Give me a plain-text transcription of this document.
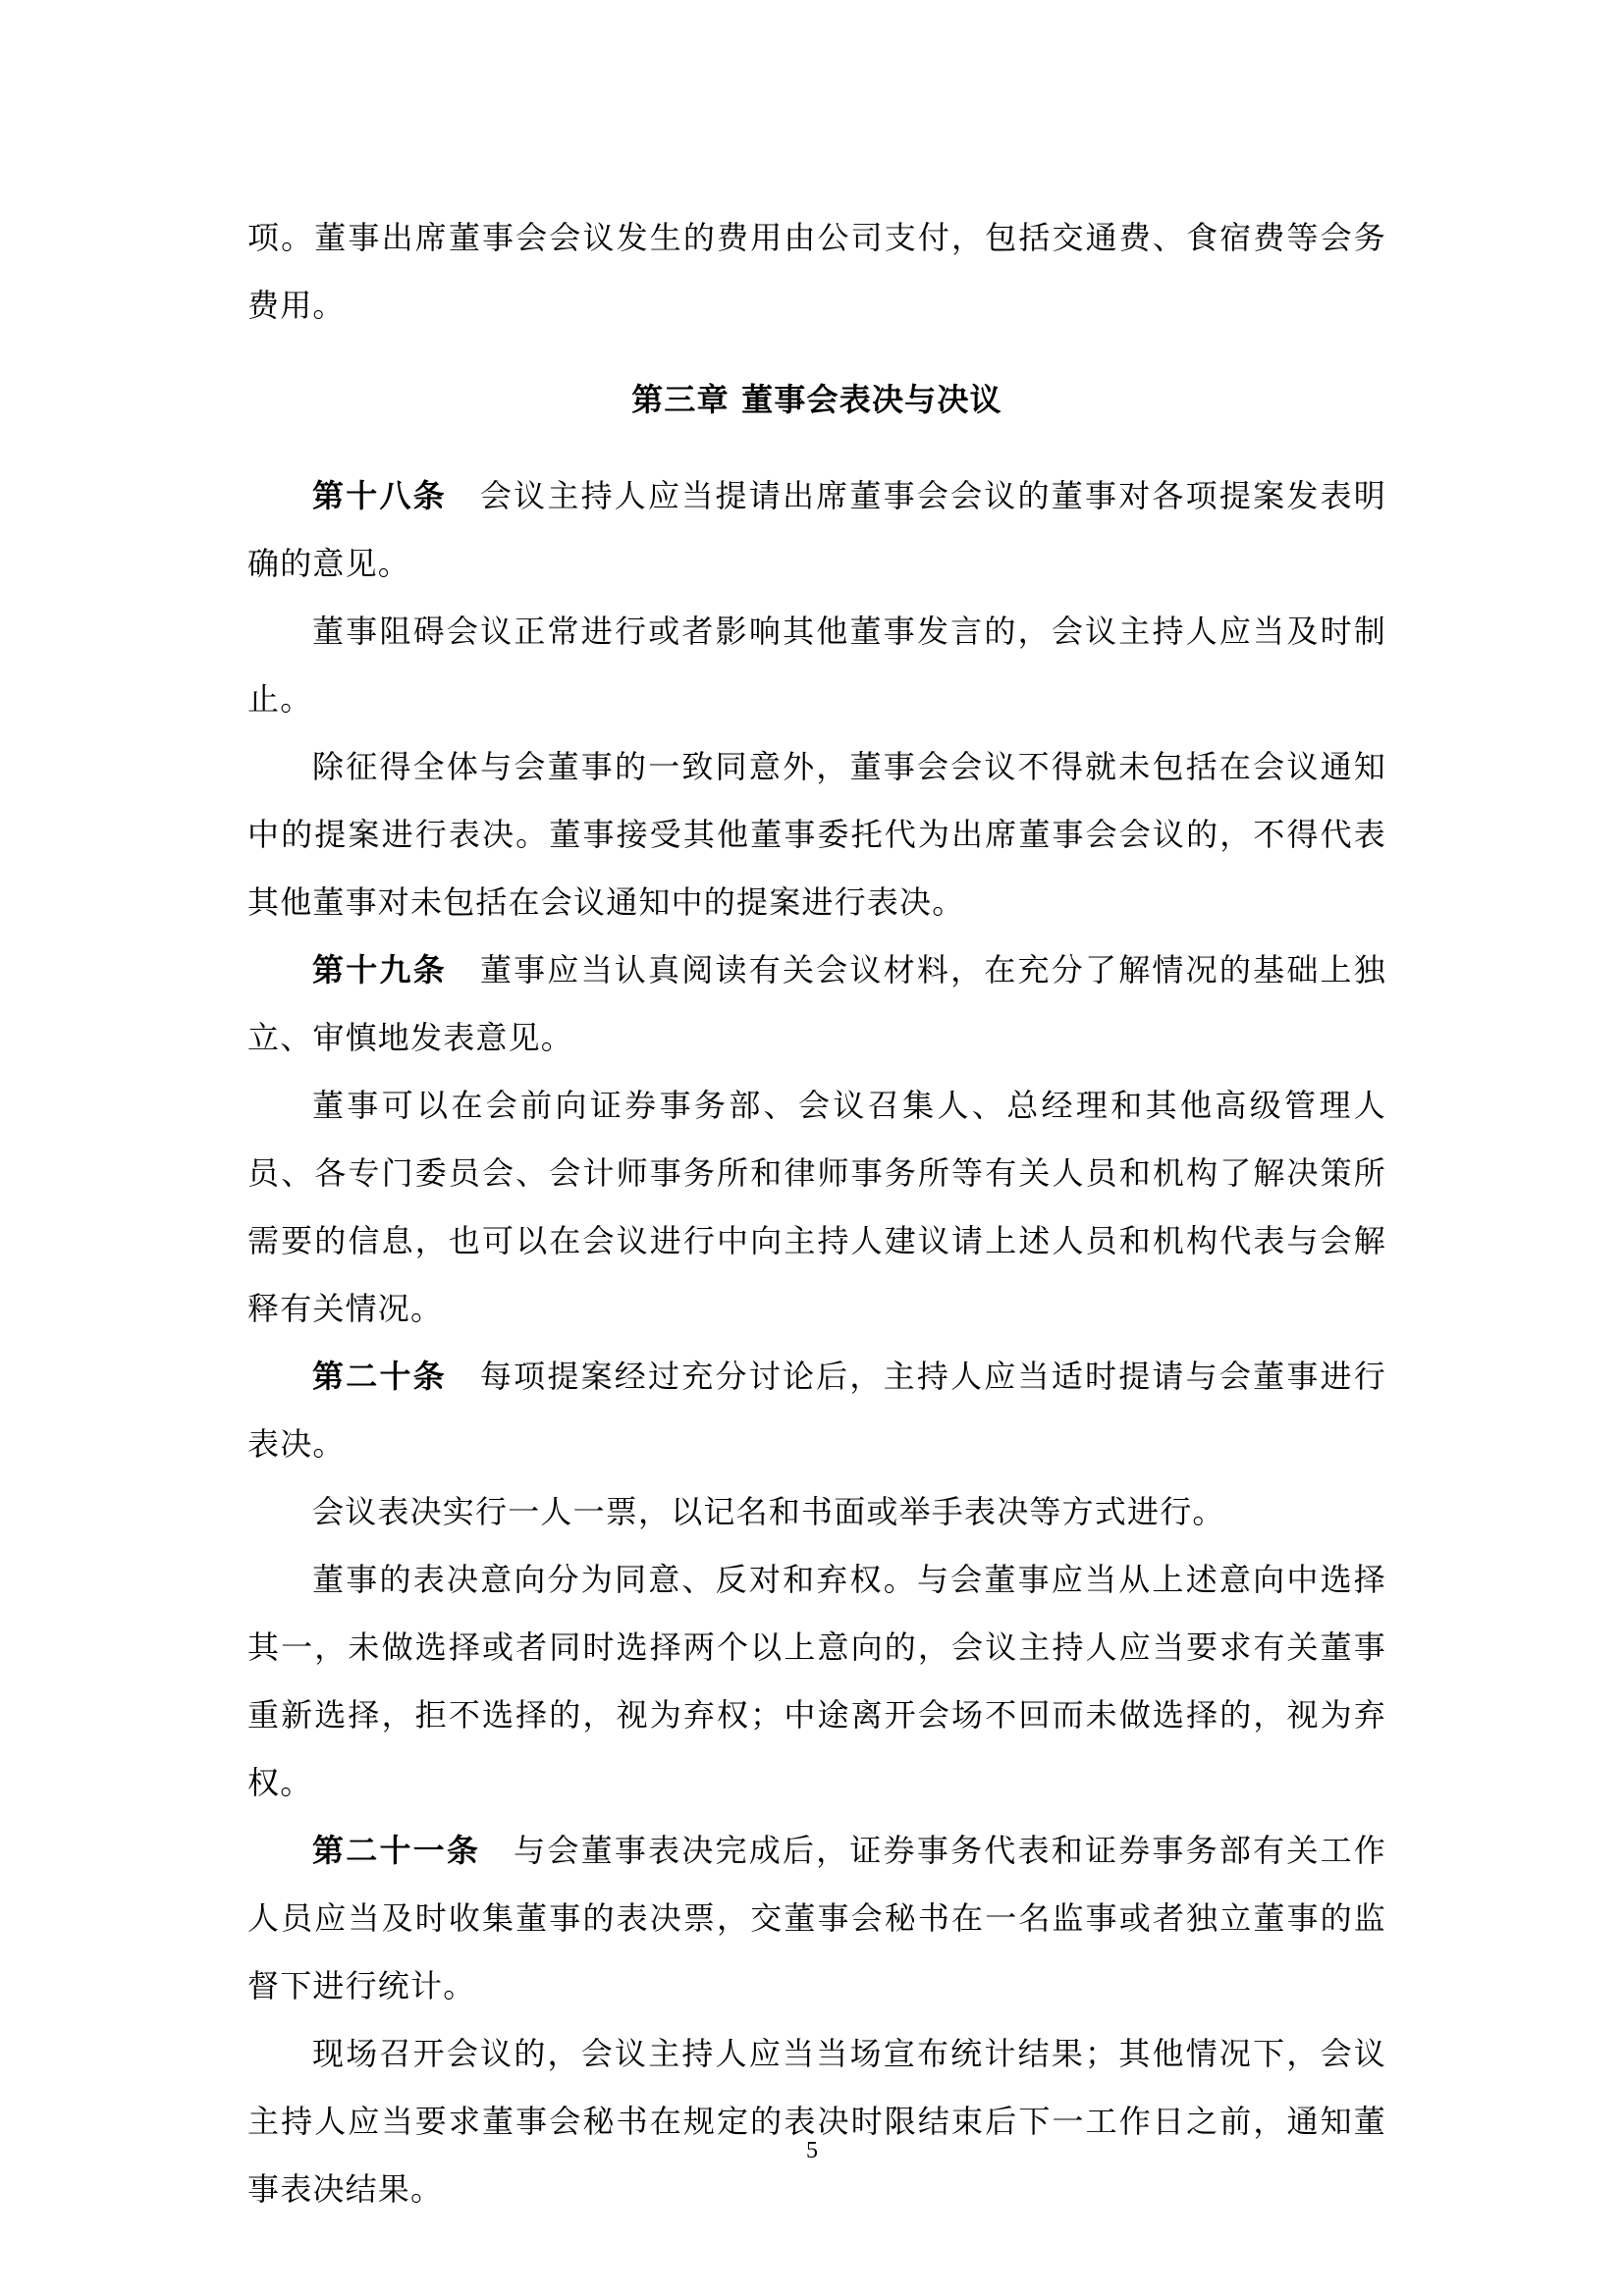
项。董事出席董事会会议发生的费用由公司支付，包括交通费、食宿费等会务费用。

第三章 董事会表决与决议

第十八条 会议主持人应当提请出席董事会会议的董事对各项提案发表明确的意见。

董事阻碍会议正常进行或者影响其他董事发言的，会议主持人应当及时制止。

除征得全体与会董事的一致同意外，董事会会议不得就未包括在会议通知中的提案进行表决。董事接受其他董事委托代为出席董事会会议的，不得代表其他董事对未包括在会议通知中的提案进行表决。

第十九条 董事应当认真阅读有关会议材料，在充分了解情况的基础上独立、审慎地发表意见。

董事可以在会前向证券事务部、会议召集人、总经理和其他高级管理人员、各专门委员会、会计师事务所和律师事务所等有关人员和机构了解决策所需要的信息，也可以在会议进行中向主持人建议请上述人员和机构代表与会解释有关情况。

第二十条 每项提案经过充分讨论后，主持人应当适时提请与会董事进行表决。

会议表决实行一人一票，以记名和书面或举手表决等方式进行。

董事的表决意向分为同意、反对和弃权。与会董事应当从上述意向中选择其一，未做选择或者同时选择两个以上意向的，会议主持人应当要求有关董事重新选择，拒不选择的，视为弃权；中途离开会场不回而未做选择的，视为弃权。

第二十一条 与会董事表决完成后，证券事务代表和证券事务部有关工作人员应当及时收集董事的表决票，交董事会秘书在一名监事或者独立董事的监督下进行统计。

现场召开会议的，会议主持人应当当场宣布统计结果；其他情况下，会议主持人应当要求董事会秘书在规定的表决时限结束后下一工作日之前，通知董事表决结果。

5
